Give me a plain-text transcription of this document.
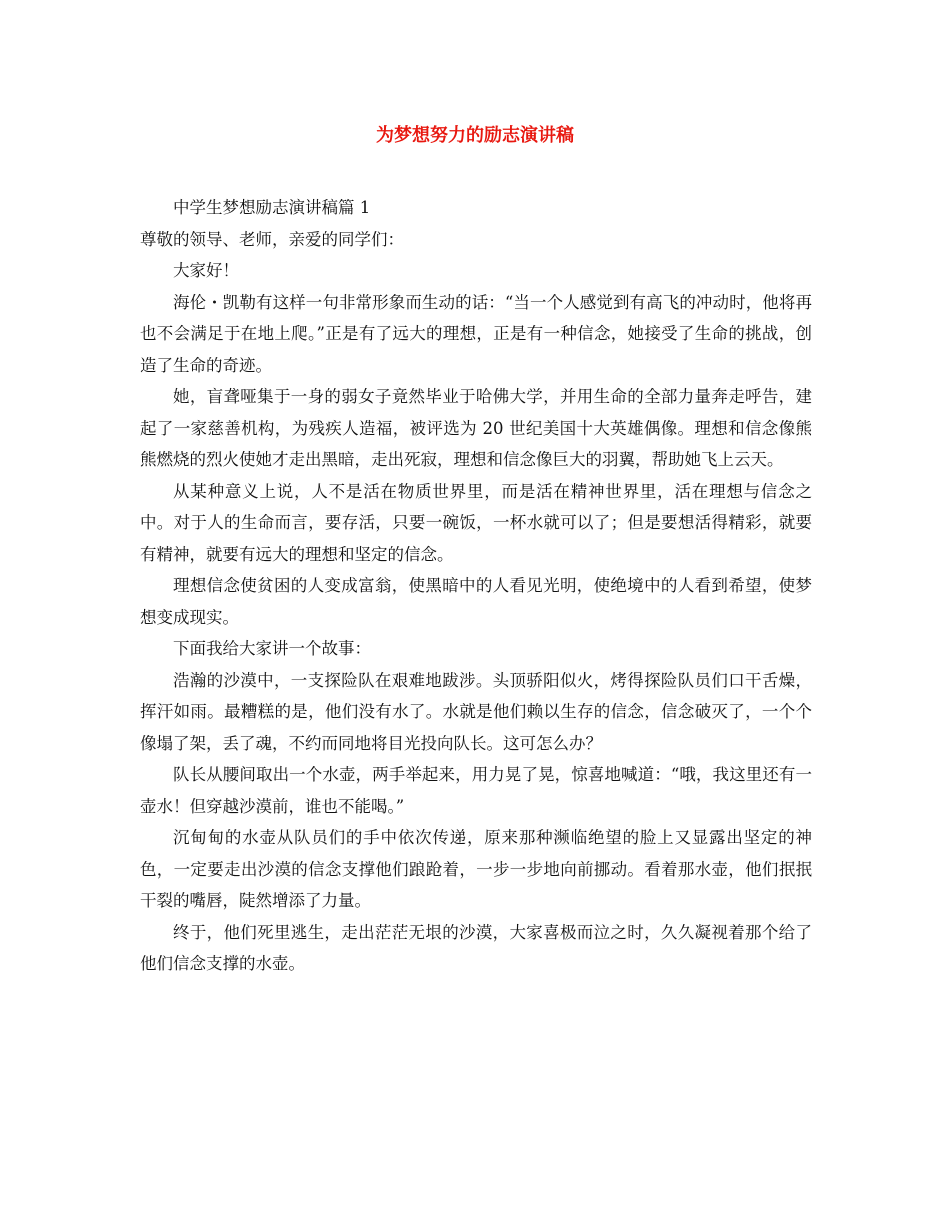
为梦想努力的励志演讲稿

中学生梦想励志演讲稿篇 1

尊敬的领导、老师，亲爱的同学们：

大家好！

海伦・凯勒有这样一句非常形象而生动的话：“当一个人感觉到有高飞的冲动时，他将再也不会满足于在地上爬。”正是有了远大的理想，正是有一种信念，她接受了生命的挑战，创造了生命的奇迹。

她，盲聋哑集于一身的弱女子竟然毕业于哈佛大学，并用生命的全部力量奔走呼告，建起了一家慈善机构，为残疾人造福，被评选为 20 世纪美国十大英雄偶像。理想和信念像熊熊燃烧的烈火使她才走出黑暗，走出死寂，理想和信念像巨大的羽翼，帮助她飞上云天。

从某种意义上说，人不是活在物质世界里，而是活在精神世界里，活在理想与信念之中。对于人的生命而言，要存活，只要一碗饭，一杯水就可以了；但是要想活得精彩，就要有精神，就要有远大的理想和坚定的信念。

理想信念使贫困的人变成富翁，使黑暗中的人看见光明，使绝境中的人看到希望，使梦想变成现实。

下面我给大家讲一个故事：

浩瀚的沙漠中，一支探险队在艰难地跋涉。头顶骄阳似火，烤得探险队员们口干舌燥，挥汗如雨。最糟糕的是，他们没有水了。水就是他们赖以生存的信念，信念破灭了，一个个像塌了架，丢了魂，不约而同地将目光投向队长。这可怎么办？

队长从腰间取出一个水壶，两手举起来，用力晃了晃，惊喜地喊道：“哦，我这里还有一壶水！但穿越沙漠前，谁也不能喝。”

沉甸甸的水壶从队员们的手中依次传递，原来那种濒临绝望的脸上又显露出坚定的神色，一定要走出沙漠的信念支撑他们踉跄着，一步一步地向前挪动。看着那水壶，他们抿抿干裂的嘴唇，陡然增添了力量。

终于，他们死里逃生，走出茫茫无垠的沙漠，大家喜极而泣之时，久久凝视着那个给了他们信念支撑的水壶。
